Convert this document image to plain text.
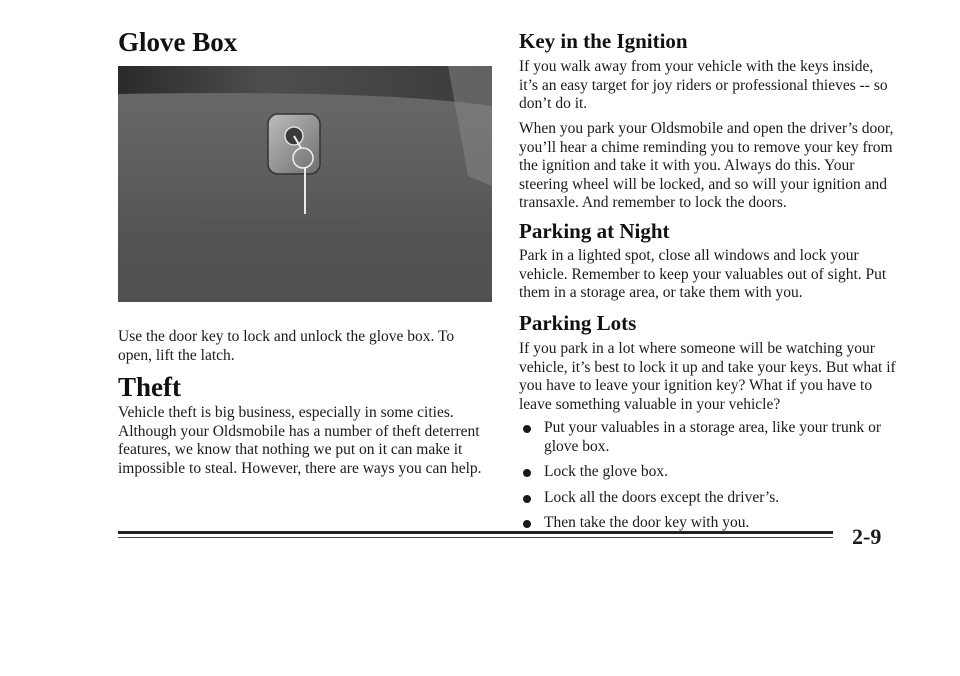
Glove Box

Use the door key to lock and unlock the glove box. To open, lift the latch.

Theft

Vehicle theft is big business, especially in some cities. Although your Oldsmobile has a number of theft deterrent features, we know that nothing we put on it can make it impossible to steal. However, there are ways you can help.

Key in the Ignition

If you walk away from your vehicle with the keys inside, it’s an easy target for joy riders or professional thieves -- so don’t do it.

When you park your Oldsmobile and open the driver’s door, you’ll hear a chime reminding you to remove your key from the ignition and take it with you. Always do this. Your steering wheel will be locked, and so will your ignition and transaxle. And remember to lock the doors.

Parking at Night

Park in a lighted spot, close all windows and lock your vehicle. Remember to keep your valuables out of sight. Put them in a storage area, or take them with you.

Parking Lots

If you park in a lot where someone will be watching your vehicle, it’s best to lock it up and take your keys. But what if you have to leave your ignition key? What if you have to leave something valuable in your vehicle?

Put your valuables in a storage area, like your trunk or glove box.
Lock the glove box.
Lock all the doors except the driver’s.
Then take the door key with you.
2-9
